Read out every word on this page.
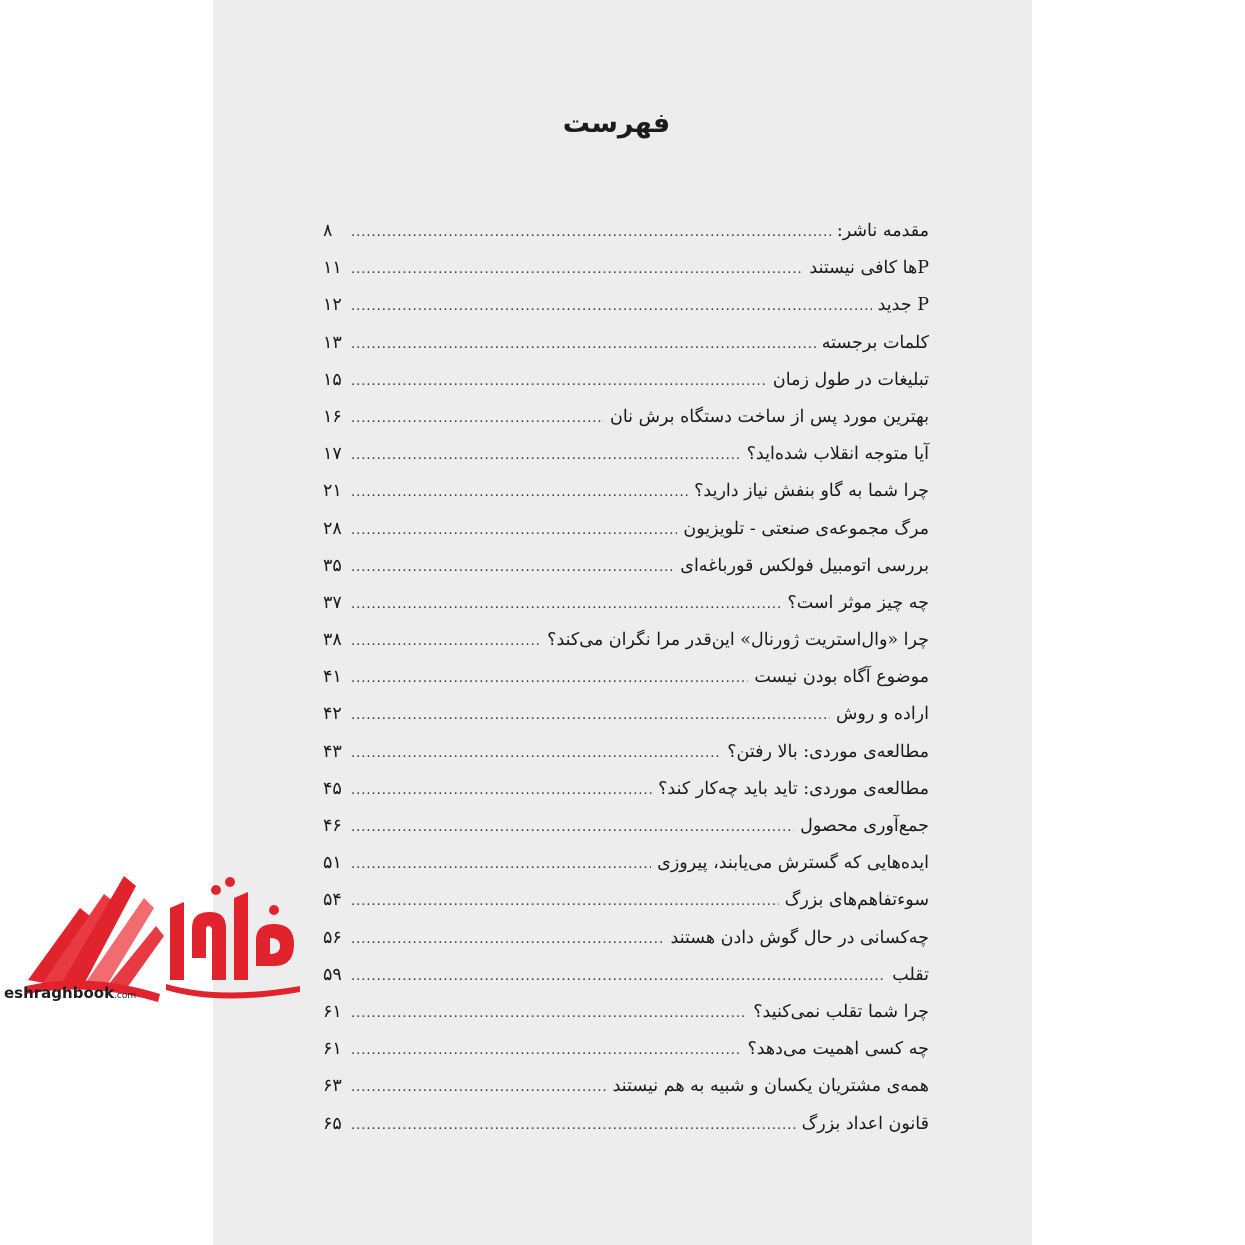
فهرست
مقدمه ناشر:
.....
۸
Pها کافی نیستند
.....
۱۱
P جدید
.....
۱۲
کلمات برجسته
.....
۱۳
تبلیغات در طول زمان
.....
۱۵
بهترین مورد پس از ساخت دستگاه برش نان
.....
۱۶
آیا متوجه انقلاب شده‌اید؟
.....
۱۷
چرا شما به گاو بنفش نیاز دارید؟
.....
۲۱
مرگ مجموعه‌ی صنعتی - تلویزیون
.....
۲۸
بررسی اتومبیل فولکس قورباغه‌ای
.....
۳۵
چه چیز موثر است؟
.....
۳۷
چرا «وال‌استریت ژورنال» این‌قدر مرا نگران می‌کند؟
.....
۳۸
موضوع آگاه بودن نیست
.....
۴۱
اراده و روش
.....
۴۲
مطالعه‌ی موردی: بالا رفتن؟
.....
۴۳
مطالعه‌ی موردی: تاید باید چه‌کار کند؟
.....
۴۵
جمع‌آوری محصول
.....
۴۶
ایده‌هایی که گسترش می‌یابند، پیروزی
.....
۵۱
سوءتفاهم‌های بزرگ
.....
۵۴
چه‌کسانی در حال گوش دادن هستند
.....
۵۶
تقلب
.....
۵۹
چرا شما تقلب نمی‌کنید؟
.....
۶۱
چه کسی اهمیت می‌دهد؟
.....
۶۱
همه‌ی مشتریان یکسان و شبیه به هم نیستند
.....
۶۳
قانون اعداد بزرگ
.....
۶۵
eshraghbook.com
